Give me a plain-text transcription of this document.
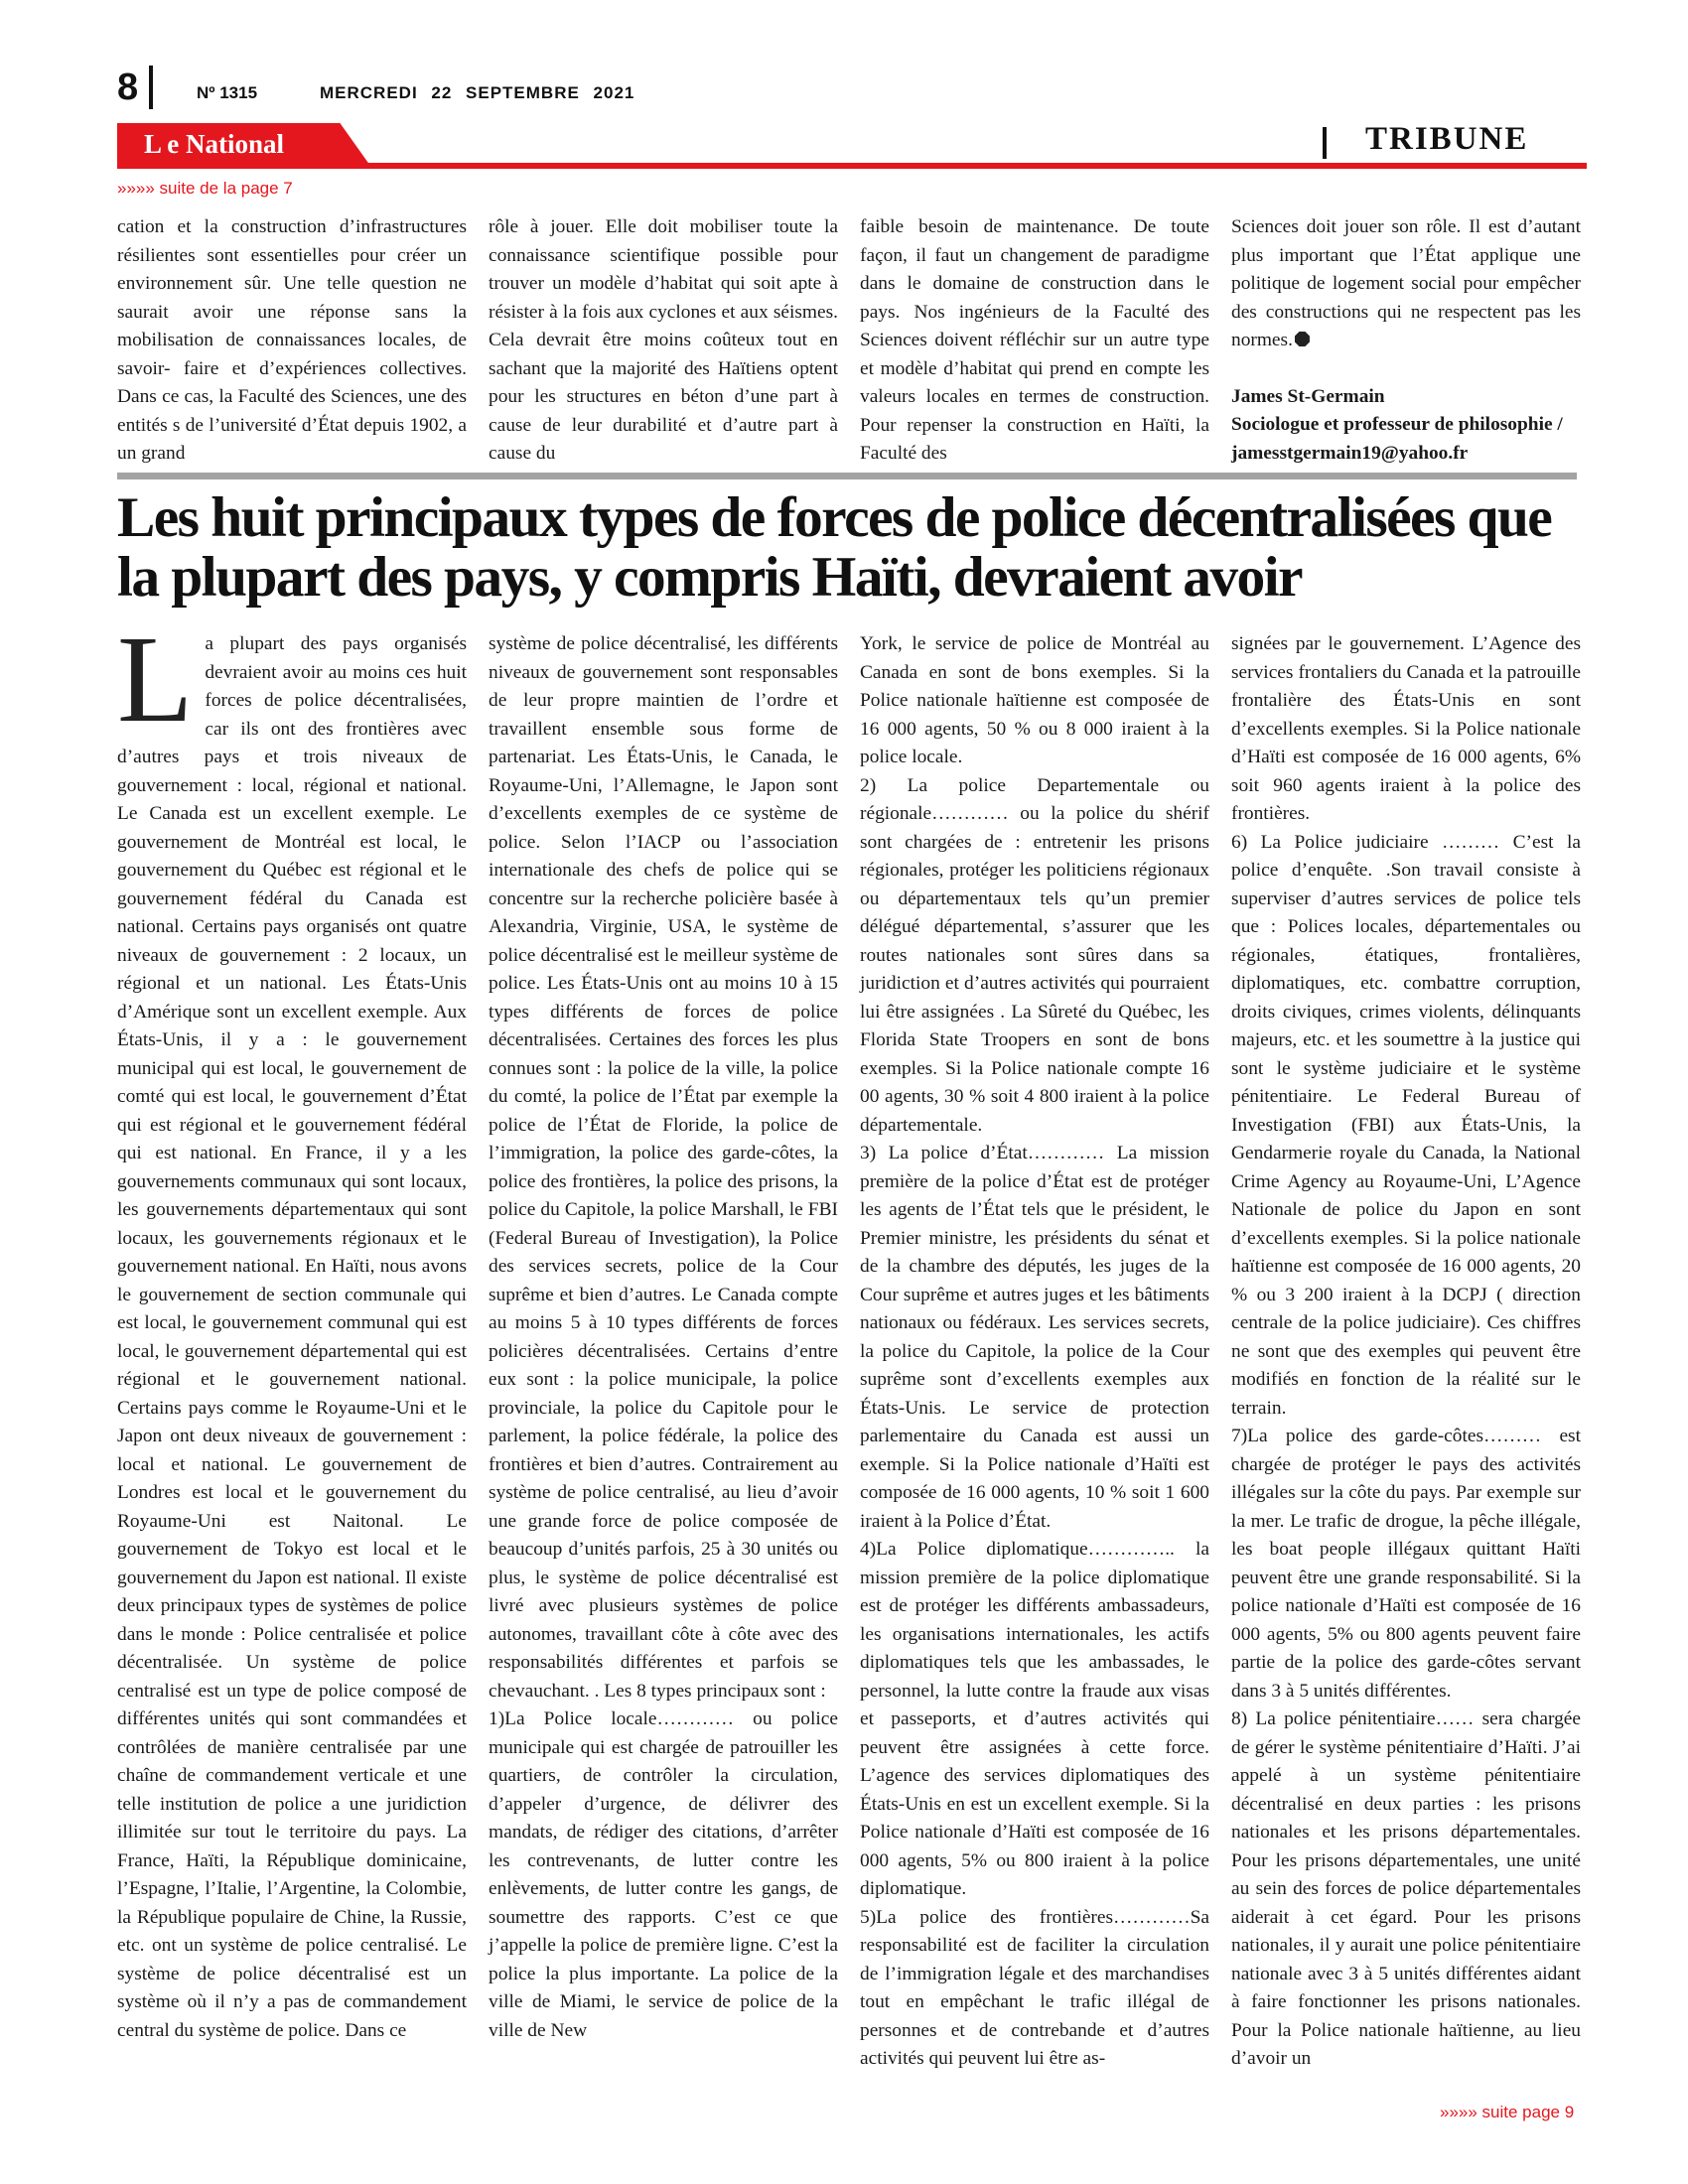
8	Nº 1315	MERCREDI 22 SEPTEMBRE 2021
L e National	TRIBUNE
»»»» suite de la page 7

cation et la construction d’infrastructures résilientes sont essentielles pour créer un environnement sûr. Une telle question ne saurait avoir une réponse sans la mobilisation de connaissances locales, de savoir- faire et d’expériences collectives. Dans ce cas, la Faculté des Sciences, une des entités s de l’université d’État depuis 1902, a un grand

rôle à jouer. Elle doit mobiliser toute la connaissance scientifique possible pour trouver un modèle d’habitat qui soit apte à résister à la fois aux cyclones et aux séismes. Cela devrait être moins coûteux tout en sachant que la majorité des Haïtiens optent pour les structures en béton d’une part à cause de leur durabilité et d’autre part à cause du

faible besoin de maintenance. De toute façon, il faut un changement de paradigme dans le domaine de construction dans le pays. Nos ingénieurs de la Faculté des Sciences doivent réfléchir sur un autre type et modèle d’habitat qui prend en compte les valeurs locales en termes de construction. Pour repenser la construction en Haïti, la Faculté des

Sciences doit jouer son rôle. Il est d’autant plus important que l’État applique une politique de logement social pour empêcher des constructions qui ne respectent pas les normes.

James St-Germain

Sociologue et professeur de philosophie / jamesstgermain19@yahoo.fr

Les huit principaux types de forces de police décentralisées que la plupart des pays, y compris Haïti, devraient avoir
L a plupart des pays organisés devraient avoir au moins ces huit forces de police décentralisées, car ils ont des frontières avec d’autres pays et trois niveaux de gouvernement : local, régional et national. Le Canada est un excellent exemple. Le gouvernement de Montréal est local, le gouvernement du Québec est régional et le gouvernement fédéral du Canada est national. Certains pays organisés ont quatre niveaux de gouvernement : 2 locaux, un régional et un national. Les États-Unis d’Amérique sont un excellent exemple. Aux États-Unis, il y a : le gouvernement municipal qui est local, le gouvernement de comté qui est local, le gouvernement d’État qui est régional et le gouvernement fédéral qui est national. En France, il y a les gouvernements communaux qui sont locaux, les gouvernements départementaux qui sont locaux, les gouvernements régionaux et le gouvernement national. En Haïti, nous avons le gouvernement de section communale qui est local, le gouvernement communal qui est local, le gouvernement départemental qui est régional et le gouvernement national. Certains pays comme le Royaume-Uni et le Japon ont deux niveaux de gouvernement : local et national. Le gouvernement de Londres est local et le gouvernement du Royaume-Uni est Naitonal. Le gouvernement de Tokyo est local et le gouvernement du Japon est national. Il existe deux principaux types de systèmes de police dans le monde : Police centralisée et police décentralisée. Un système de police centralisé est un type de police composé de différentes unités qui sont commandées et contrôlées de manière centralisée par une chaîne de commandement verticale et une telle institution de police a une juridiction illimitée sur tout le territoire du pays. La France, Haïti, la République dominicaine, l’Espagne, l’Italie, l’Argentine, la Colombie, la République populaire de Chine, la Russie, etc. ont un système de police centralisé. Le système de police décentralisé est un système où il n’y a pas de commandement central du système de police. Dans ce

système de police décentralisé, les différents niveaux de gouvernement sont responsables de leur propre maintien de l’ordre et travaillent ensemble sous forme de partenariat. Les États-Unis, le Canada, le Royaume-Uni, l’Allemagne, le Japon sont d’excellents exemples de ce système de police. Selon l’IACP ou l’association internationale des chefs de police qui se concentre sur la recherche policière basée à Alexandria, Virginie, USA, le système de police décentralisé est le meilleur système de police. Les États-Unis ont au moins 10 à 15 types différents de forces de police décentralisées. Certaines des forces les plus connues sont : la police de la ville, la police du comté, la police de l’État par exemple la police de l’État de Floride, la police de l’immigration, la police des garde-côtes, la police des frontières, la police des prisons, la police du Capitole, la police Marshall, le FBI (Federal Bureau of Investigation), la Police des services secrets, police de la Cour suprême et bien d’autres. Le Canada compte au moins 5 à 10 types différents de forces policières décentralisées. Certains d’entre eux sont : la police municipale, la police provinciale, la police du Capitole pour le parlement, la police fédérale, la police des frontières et bien d’autres. Contrairement au système de police centralisé, au lieu d’avoir une grande force de police composée de beaucoup d’unités parfois, 25 à 30 unités ou plus, le système de police décentralisé est livré avec plusieurs systèmes de police autonomes, travaillant côte à côte avec des responsabilités différentes et parfois se chevauchant. . Les 8 types principaux sont :

1)La Police locale………… ou police municipale qui est chargée de patrouiller les quartiers, de contrôler la circulation, d’appeler d’urgence, de délivrer des mandats, de rédiger des citations, d’arrêter les contrevenants, de lutter contre les enlèvements, de lutter contre les gangs, de soumettre des rapports. C’est ce que j’appelle la police de première ligne. C’est la police la plus importante. La police de la ville de Miami, le service de police de la ville de New

York, le service de police de Montréal au Canada en sont de bons exemples. Si la Police nationale haïtienne est composée de 16 000 agents, 50 % ou 8 000 iraient à la police locale.

2) La police Departementale ou régionale………… ou la police du shérif sont chargées de : entretenir les prisons régionales, protéger les politiciens régionaux ou départementaux tels qu’un premier délégué départemental, s’assurer que les routes nationales sont sûres dans sa juridiction et d’autres activités qui pourraient lui être assignées . La Sûreté du Québec, les Florida State Troopers en sont de bons exemples. Si la Police nationale compte 16 00 agents, 30 % soit 4 800 iraient à la police départementale.

3) La police d’État………… La mission première de la police d’État est de protéger les agents de l’État tels que le président, le Premier ministre, les présidents du sénat et de la chambre des députés, les juges de la Cour suprême et autres juges et les bâtiments nationaux ou fédéraux. Les services secrets, la police du Capitole, la police de la Cour suprême sont d’excellents exemples aux États-Unis. Le service de protection parlementaire du Canada est aussi un exemple. Si la Police nationale d’Haïti est composée de 16 000 agents, 10 % soit 1 600 iraient à la Police d’État.

4)La Police diplomatique………….. la mission première de la police diplomatique est de protéger les différents ambassadeurs, les organisations internationales, les actifs diplomatiques tels que les ambassades, le personnel, la lutte contre la fraude aux visas et passeports, et d’autres activités qui peuvent être assignées à cette force. L’agence des services diplomatiques des États-Unis en est un excellent exemple. Si la Police nationale d’Haïti est composée de 16 000 agents, 5% ou 800 iraient à la police diplomatique.

5)La police des frontières…………Sa responsabilité est de faciliter la circulation de l’immigration légale et des marchandises tout en empêchant le trafic illégal de personnes et de contrebande et d’autres activités qui peuvent lui être as-

signées par le gouvernement. L’Agence des services frontaliers du Canada et la patrouille frontalière des États-Unis en sont d’excellents exemples. Si la Police nationale d’Haïti est composée de 16 000 agents, 6% soit 960 agents iraient à la police des frontières.

6) La Police judiciaire ……… C’est la police d’enquête. .Son travail consiste à superviser d’autres services de police tels que : Polices locales, départementales ou régionales, étatiques, frontalières, diplomatiques, etc. combattre corruption, droits civiques, crimes violents, délinquants majeurs, etc. et les soumettre à la justice qui sont le système judiciaire et le système pénitentiaire. Le Federal Bureau of Investigation (FBI) aux États-Unis, la Gendarmerie royale du Canada, la National Crime Agency au Royaume-Uni, L’Agence Nationale de police du Japon en sont d’excellents exemples. Si la police nationale haïtienne est composée de 16 000 agents, 20 % ou 3 200 iraient à la DCPJ ( direction centrale de la police judiciaire). Ces chiffres ne sont que des exemples qui peuvent être modifiés en fonction de la réalité sur le terrain.

7)La police des garde-côtes……… est chargée de protéger le pays des activités illégales sur la côte du pays. Par exemple sur la mer. Le trafic de drogue, la pêche illégale, les boat people illégaux quittant Haïti peuvent être une grande responsabilité. Si la police nationale d’Haïti est composée de 16 000 agents, 5% ou 800 agents peuvent faire partie de la police des garde-côtes servant dans 3 à 5 unités différentes.

8) La police pénitentiaire…… sera chargée de gérer le système pénitentiaire d’Haïti. J’ai appelé à un système pénitentiaire décentralisé en deux parties : les prisons nationales et les prisons départementales. Pour les prisons départementales, une unité au sein des forces de police départementales aiderait à cet égard. Pour les prisons nationales, il y aurait une police pénitentiaire nationale avec 3 à 5 unités différentes aidant à faire fonctionner les prisons nationales. Pour la Police nationale haïtienne, au lieu d’avoir un

»»»» suite page 9
